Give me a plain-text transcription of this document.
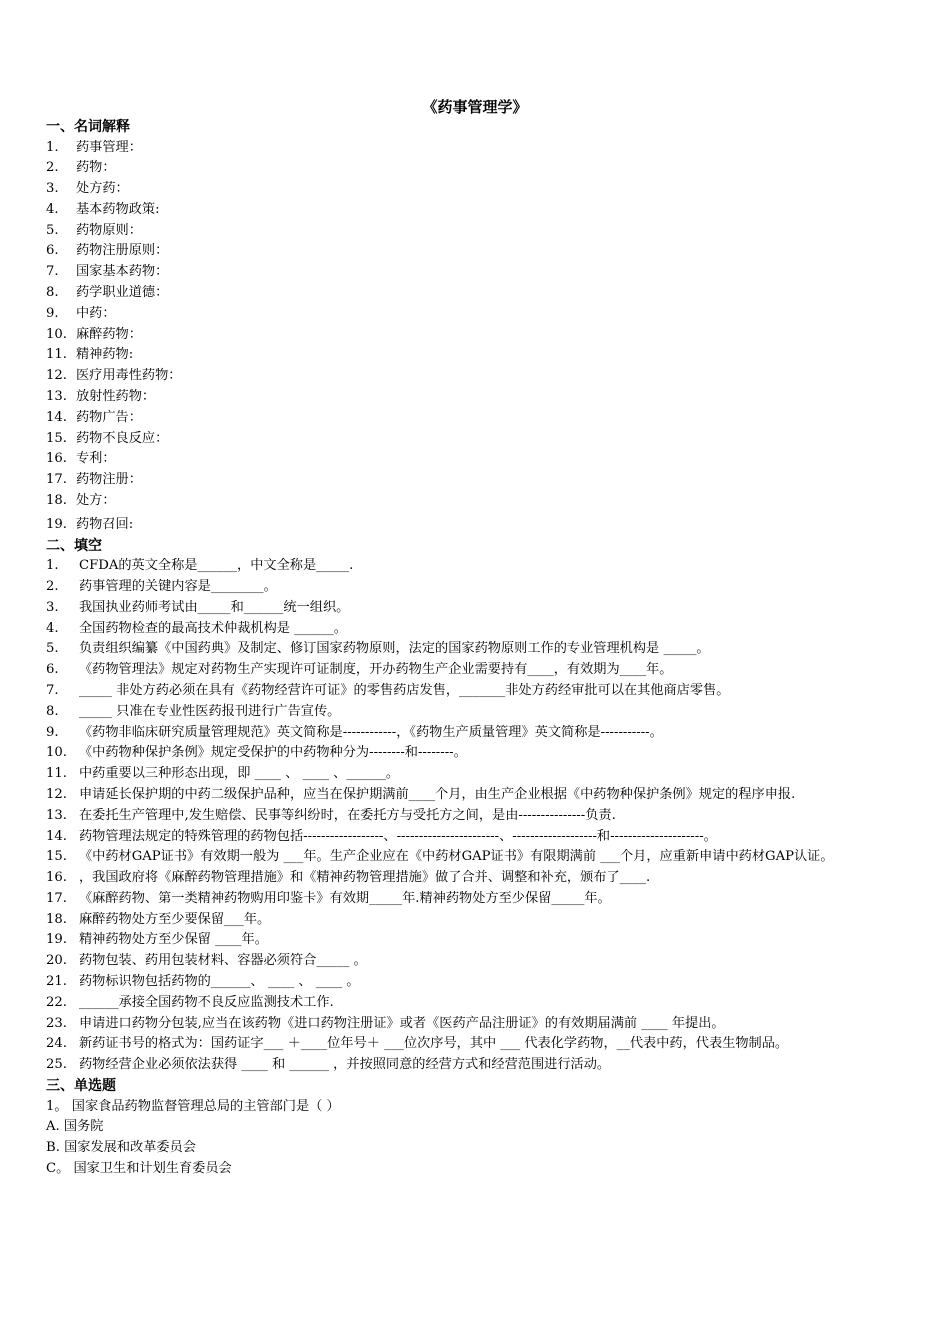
《药事管理学》
一、名词解释
1.	药事管理：
2.	药物：
3.	处方药：
4.	基本药物政策:
5.	药物原则：
6.	药物注册原则：
7.	国家基本药物：
8.	药学职业道德：
9.	中药：
10. 麻醉药物：
11. 精神药物:
12. 医疗用毒性药物：
13. 放射性药物：
14. 药物广告：
15. 药物不良反应：
16. 专利：
17. 药物注册：
18. 处方：
19. 药物召回:
二、填空
1.	CFDA的英文全称是______，中文全称是_____.
2.	药事管理的关键内容是________。
3.	我国执业药师考试由_____和______统一组织。
4.	全国药物检查的最高技术仲裁机构是 ______。
5.	负责组织编纂《中国药典》及制定、修订国家药物原则，法定的国家药物原则工作的专业管理机构是 _____。
6.	《药物管理法》规定对药物生产实现许可证制度，开办药物生产企业需要持有____，有效期为____年。
7.	_____ 非处方药必须在具有《药物经营许可证》的零售药店发售，_______非处方药经审批可以在其他商店零售。
8.	_____ 只准在专业性医药报刊进行广告宣传。
9.	《药物非临床研究质量管理规范》英文简称是------------，《药物生产质量管理》英文简称是-----------。
10. 《中药物种保护条例》规定受保护的中药物种分为--------和--------。
11. 中药重要以三种形态出现，即 ____ 、 ____ 、______。
12. 申请延长保护期的中药二级保护品种，应当在保护期满前____个月，由生产企业根据《中药物种保护条例》规定的程序申报.
13. 在委托生产管理中,发生赔偿、民事等纠纷时，在委托方与受托方之间，是由---------------负责.
14. 药物管理法规定的特殊管理的药物包括------------------、-----------------------、-------------------和---------------------。
15. 《中药材GAP证书》有效期一般为 ___年。生产企业应在《中药材GAP证书》有限期满前 ___个月，应重新申请中药材GAP认证。
16. ，我国政府将《麻醉药物管理措施》和《精神药物管理措施》做了合并、调整和补充，颁布了____.
17. 《麻醉药物、第一类精神药物购用印鉴卡》有效期_____年.精神药物处方至少保留_____年。
18. 麻醉药物处方至少要保留___年。
19. 精神药物处方至少保留 ____年。
20. 药物包装、药用包装材料、容器必须符合_____ 。
21. 药物标识物包括药物的______、 ____ 、 ____ 。
22. ______承接全国药物不良反应监测技术工作.
23. 申请进口药物分包装,应当在该药物《进口药物注册证》或者《医药产品注册证》的有效期届满前 ____ 年提出。
24. 新药证书号的格式为：国药证字___ ＋____位年号＋ ___位次序号，其中 ___ 代表化学药物，__代表中药，代表生物制品。
25. 药物经营企业必须依法获得 ____ 和 ______ ，并按照同意的经营方式和经营范围进行活动。
三、单选题
1。 国家食品药物监督管理总局的主管部门是（ ）
A. 国务院
B. 国家发展和改革委员会
C。 国家卫生和计划生育委员会
